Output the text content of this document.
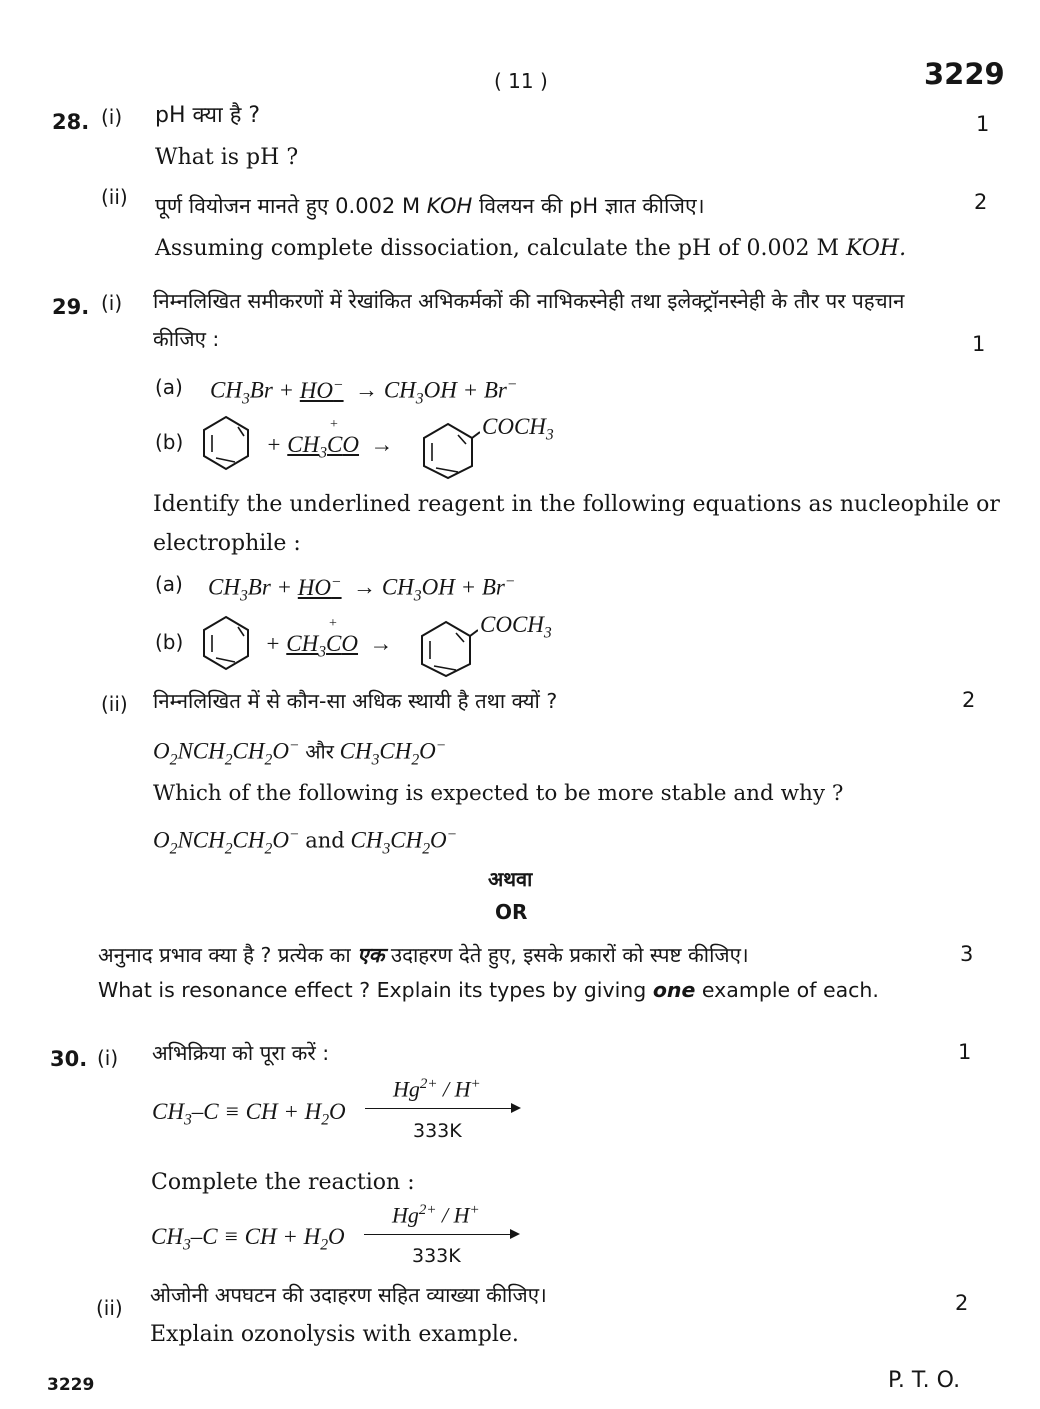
( 11 )	3229
28. (i) pH क्या है ?	1
What is pH ?
(ii) पूर्ण वियोजन मानते हुए 0.002 M KOH विलयन की pH ज्ञात कीजिए।	2
Assuming complete dissociation, calculate the pH of 0.002 M KOH.
29. (i) निम्नलिखित समीकरणों में रेखांकित अभिकर्मकों की नाभिकस्नेही तथा इलेक्ट्रॉनस्नेही के तौर पर पहचान
कीजिए :	1
(a) $CH_3Br + HO^- \to CH_3OH + Br^-$
(b)	+ $CH_3C$
+
O  →
$COCH_3$
Identify the underlined reagent in the following equations as nucleophile or
electrophile :
(a) $CH_3Br + HO^- \to CH_3OH + Br^-$
(b)	+ $CH_3C$
+
O  →
$COCH_3$
(ii) निम्नलिखित में से कौन-सा अधिक स्थायी है तथा क्यों ?	2
$O_2NCH_2CH_2O^-$ और $CH_3CH_2O^-$
Which of the following is expected to be more stable and why ?
$O_2NCH_2CH_2O^-$ and $CH_3CH_2O^-$
अथवा
OR
अनुनाद प्रभाव क्या है ? प्रत्येक का एक उदाहरण देते हुए, इसके प्रकारों को स्पष्ट कीजिए।	3
What is resonance effect ? Explain its types by giving one example of each.
30. (i) अभिक्रिया को पूरा करें :	1
$CH_3-C$ ≡ CH + $H_2O$
$Hg^{2+} / H^+$
333K
Complete the reaction :
$CH_3-C$ ≡ CH + $H_2O$
$Hg^{2+} / H^+$
333K
(ii)
ओजोनी अपघटन की उदाहरण सहित व्याख्या कीजिए।	2
Explain ozonolysis with example.
3229	P. T. O.
